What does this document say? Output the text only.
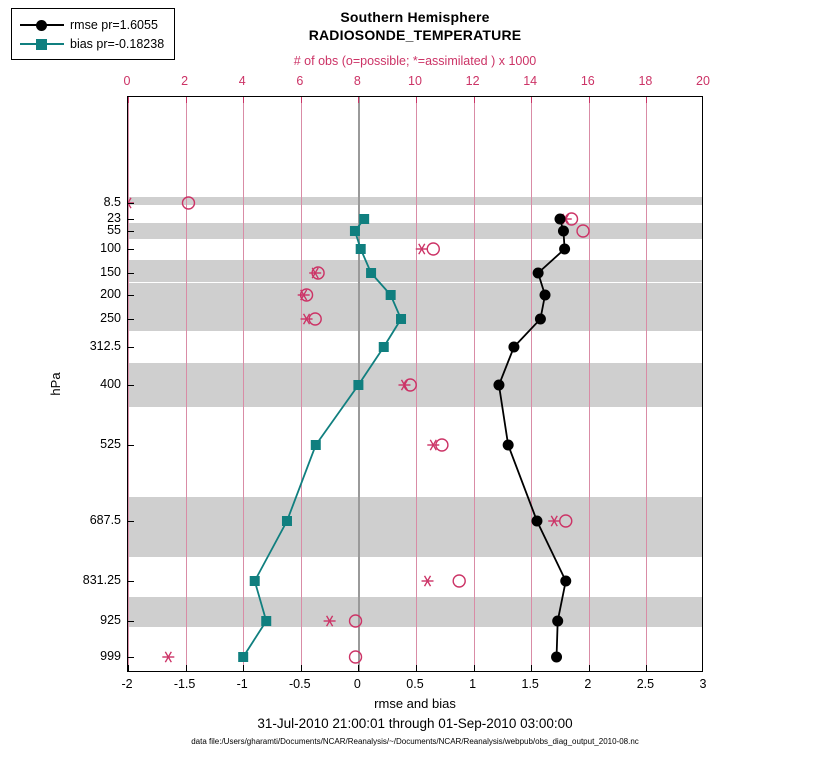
Southern Hemisphere
RADIOSONDE_TEMPERATURE
# of obs (o=possible; *=assimilated ) x 1000
hPa
rmse and bias
31-Jul-2010 21:00:01 through 01-Sep-2010 03:00:00
data file:/Users/gharamti/Documents/NCAR/Reanalysis/~/Documents/NCAR/Reanalysis/webpub/obs_diag_output_2010-08.nc
rmse pr=1.6055
bias pr=-0.18238
-2	-1.5	-1	-0.5	0	0.5	1	1.5	2	2.5	3
0	2	4	6	8	10	12	14	16	18	20
8.5
23
55
100
150
200
250
312.5
400
525
687.5
831.25
925
999
